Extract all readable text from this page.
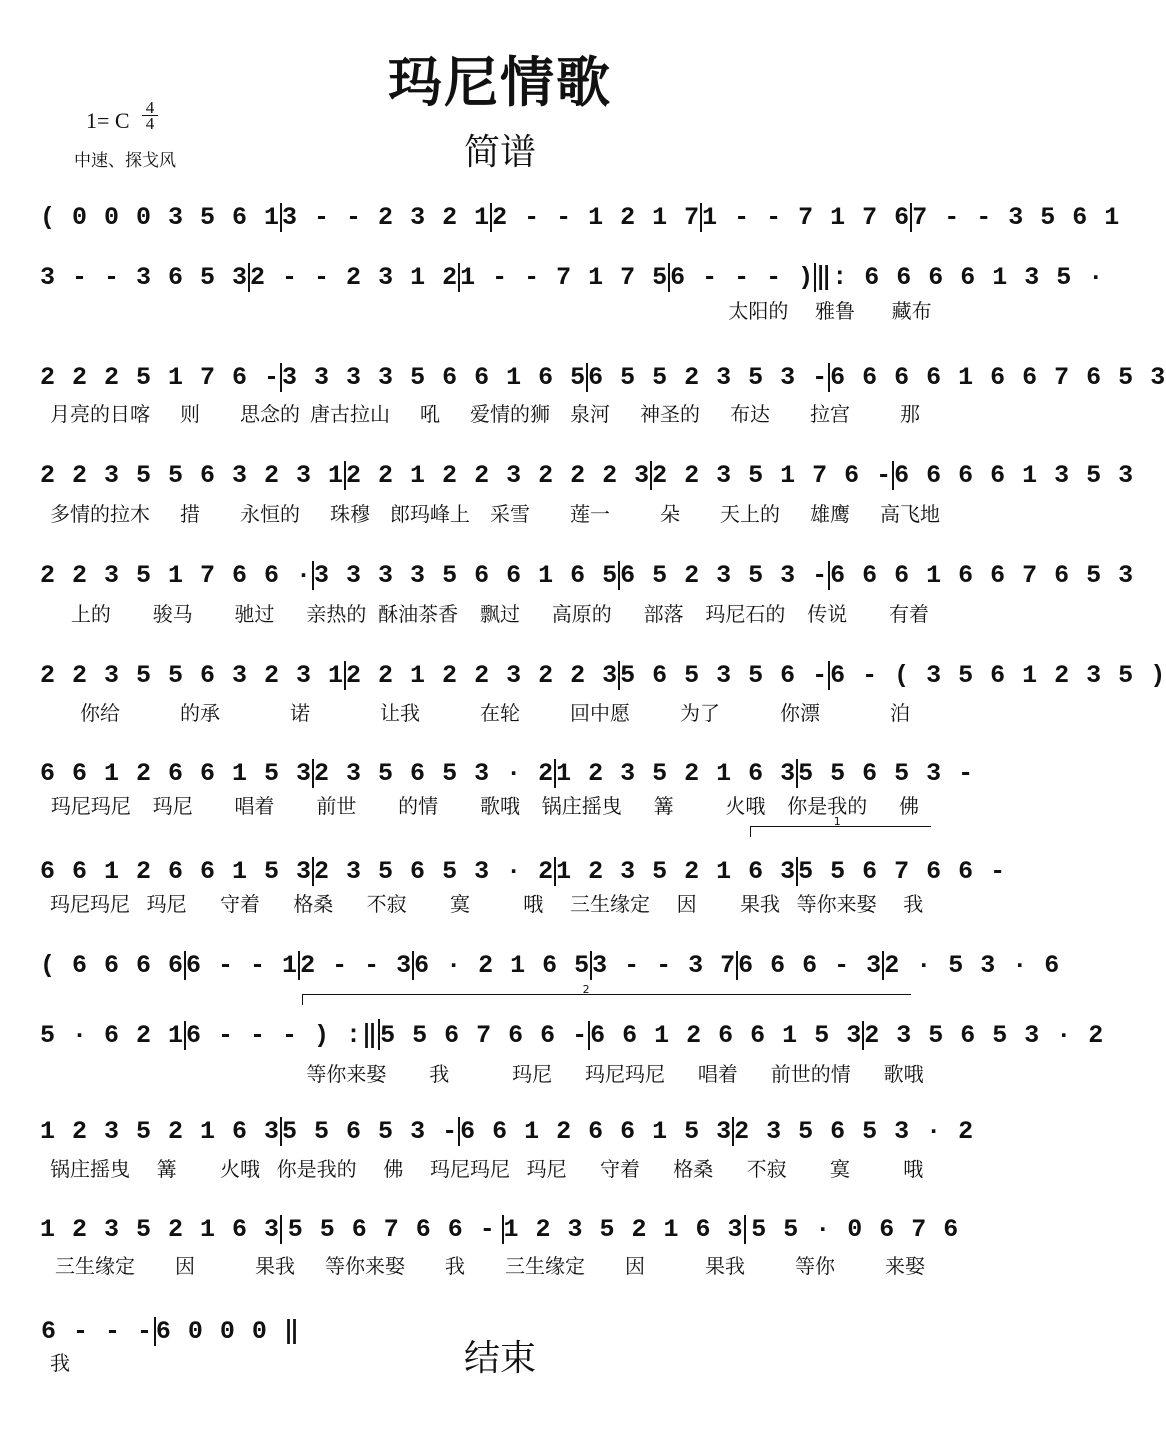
玛尼情歌
1= C
4
4
中速、探戈风	简谱
( 0 0 0 3 5 6 1 3 - - 2 3 2 1 2 - - 1 2 1 7 1 - - 7 1 7 6 7 - - 3 5 6 1
3 - - 3 6 5 3 2 - - 2 3 1 2 1 - - 7 1 7 5 6 - - - ) ‖: 6 6 6 6 1 3 5 ·
太阳的	雅鲁	藏布
2 2 2 5 1 7 6 - 3 3 3 3 5 6 6 1 6 5 6 5 5 2 3 5 3 - 6 6 6 6 1 6 6 7 6 5 3
月亮的日喀	则	思念的 唐古拉山	吼	爱情的狮	泉河	神圣的	布达	拉宫	那
2 2 3 5 5 6 3 2 3 1 2 2 1 2 2 3 2 2 2 3 2 2 3 5 1 7 6 - 6 6 6 6 1 3 5 3
多情的拉木	措	永恒的	珠穆	郎玛峰上	采雪	莲一	朵	天上的	雄鹰	高飞地
2 2 3 5 1 7 6 6 · 3 3 3 3 5 6 6 1 6 5 6 5 2 3 5 3 - 6 6 6 1 6 6 7 6 5 3
上的	骏马	驰过	亲热的 酥油茶香	飘过	高原的	部落	玛尼石的	传说	有着
2 2 3 5 5 6 3 2 3 1 2 2 1 2 2 3 2 2 3 5 6 5 3 5 6 - 6 - ( 3 5 6 1 2 3 5 )
你给	的承	诺	让我	在轮	回中愿	为了	你漂	泊
6 6 1 2 6 6 1 5 3 2 3 5 6 5 3 · 2 1 2 3 5 2 1 6 3 5 5 6 5 3 -
玛尼玛尼	玛尼	唱着	前世	的情	歌哦	锅庄摇曳	篝	火哦	你是我的	佛
6 6 1 2 6 6 1 5 3 2 3 5 6 5 3 · 2 1 2 3 5 2 1 6 3 5 5 6 7 6 6 -
玛尼玛尼 玛尼	守着	格桑	不寂	寞	哦	三生缘定	因	果我 等你来娶	我
( 6 6 6 6 6 - - 1 2 - - 3 6 · 2 1 6 5 3 - - 3 7 6 6 6 - 3 2 · 5 3 · 6
5 · 6 2 1 6 - - - ) :‖ 5 5 6 7 6 6 - 6 6 1 2 6 6 1 5 3 2 3 5 6 5 3 · 2
等你来娶	我	玛尼	玛尼玛尼	唱着	前世的情	歌哦
1 2 3 5 2 1 6 3 5 5 6 5 3 - 6 6 1 2 6 6 1 5 3 2 3 5 6 5 3 · 2
锅庄摇曳	篝	火哦 你是我的	佛	玛尼玛尼 玛尼	守着	格桑	不寂	寞	哦
1 2 3 5 2 1 6 3 5 5 6 7 6 6 - 1 2 3 5 2 1 6 3 5 5 · 0 6 7 6
三生缘定	因	果我	等你来娶	我	三生缘定	因	果我	等你	来娶
6 - - - 6 0 0 0 ‖
我
1
2
结束
